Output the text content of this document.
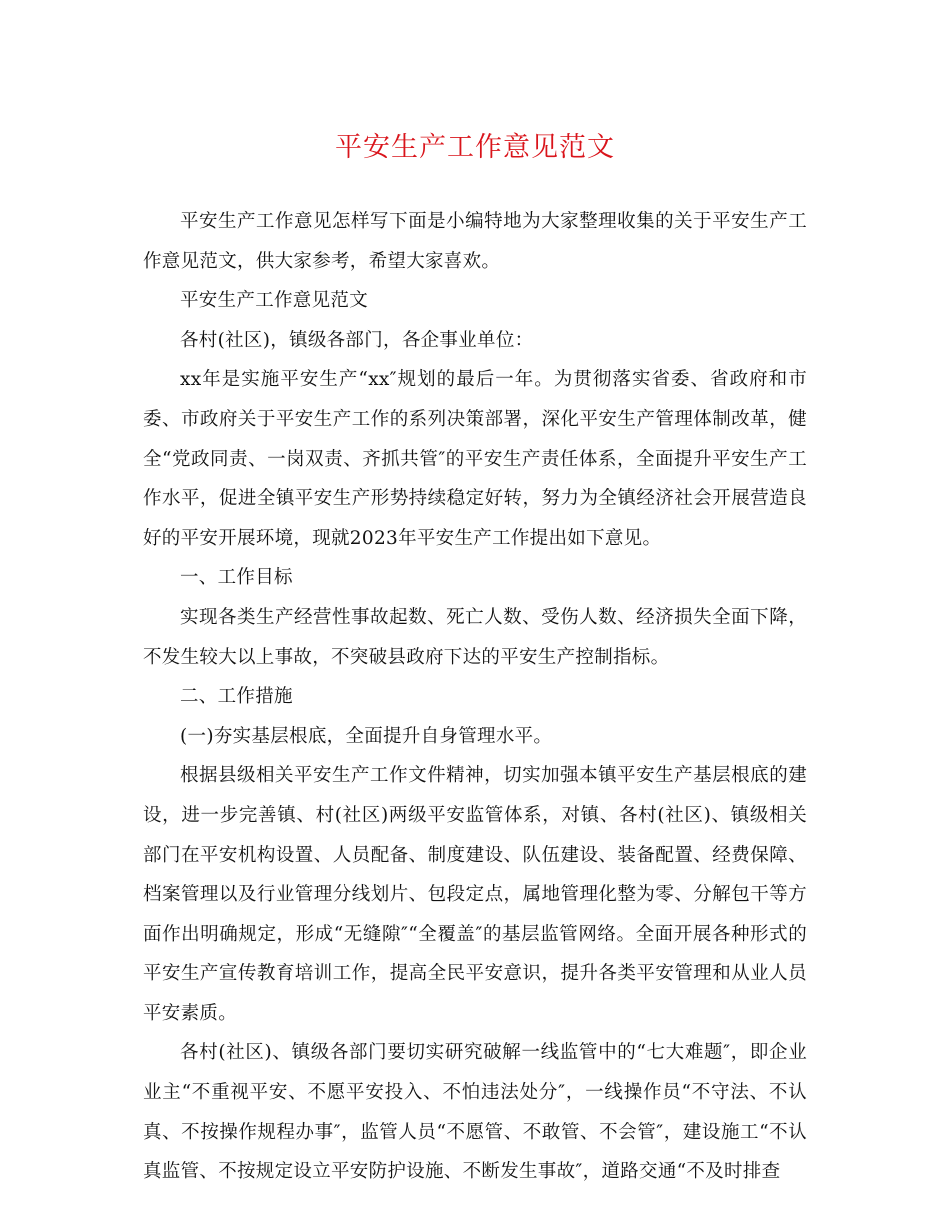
平安生产工作意见范文

平安生产工作意见怎样写下面是小编特地为大家整理收集的关于平安生产工作意见范文，供大家参考，希望大家喜欢。

平安生产工作意见范文

各村(社区)，镇级各部门，各企事业单位：

xx年是实施平安生产“xx″规划的最后一年。为贯彻落实省委、省政府和市委、市政府关于平安生产工作的系列决策部署，深化平安生产管理体制改革，健全“党政同责、一岗双责、齐抓共管″的平安生产责任体系，全面提升平安生产工作水平，促进全镇平安生产形势持续稳定好转，努力为全镇经济社会开展营造良好的平安开展环境，现就2023年平安生产工作提出如下意见。

一、工作目标

实现各类生产经营性事故起数、死亡人数、受伤人数、经济损失全面下降，不发生较大以上事故，不突破县政府下达的平安生产控制指标。

二、工作措施

(一)夯实基层根底，全面提升自身管理水平。

根据县级相关平安生产工作文件精神，切实加强本镇平安生产基层根底的建设，进一步完善镇、村(社区)两级平安监管体系，对镇、各村(社区)、镇级相关部门在平安机构设置、人员配备、制度建设、队伍建设、装备配置、经费保障、档案管理以及行业管理分线划片、包段定点，属地管理化整为零、分解包干等方面作出明确规定，形成“无缝隙″“全覆盖″的基层监管网络。全面开展各种形式的平安生产宣传教育培训工作，提高全民平安意识，提升各类平安管理和从业人员平安素质。

各村(社区)、镇级各部门要切实研究破解一线监管中的“七大难题″，即企业业主“不重视平安、不愿平安投入、不怕违法处分″，一线操作员“不守法、不认真、不按操作规程办事″，监管人员“不愿管、不敢管、不会管″，建设施工“不认真监管、不按规定设立平安防护设施、不断发生事故″，道路交通“不及时排查
